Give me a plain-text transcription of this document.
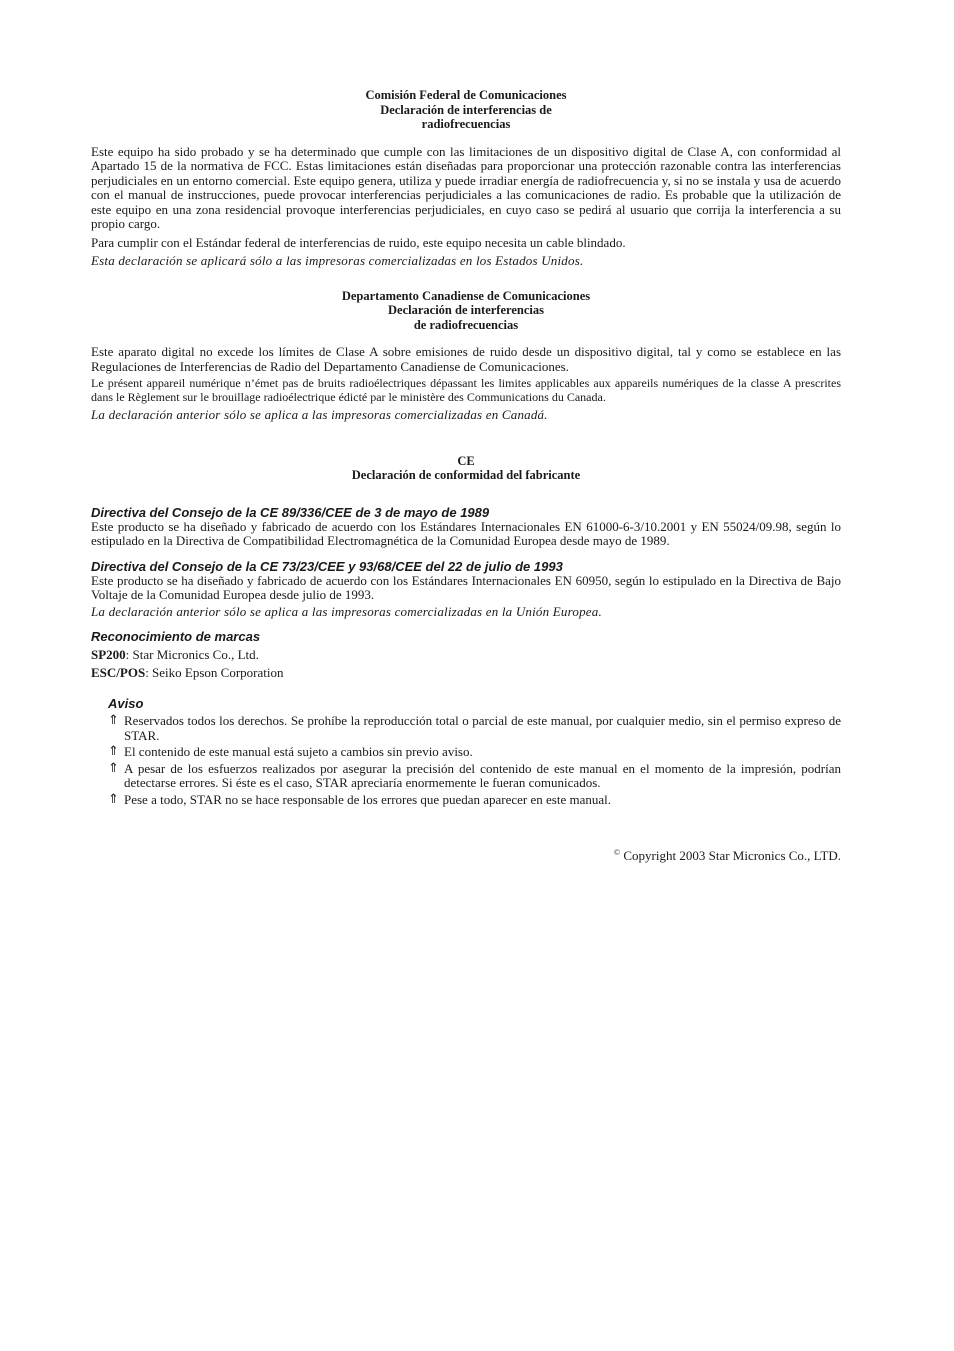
Comisión Federal de Comunicaciones
Declaración de interferencias de
radiofrecuencias

Este equipo ha sido probado y se ha determinado que cumple con las limitaciones de un dispositivo digital de Clase A, con conformidad al Apartado 15 de la normativa de FCC. Estas limitaciones están diseñadas para proporcionar una protección razonable contra las interferencias perjudiciales en un entorno comercial. Este equipo genera, utiliza y puede irradiar energía de radiofrecuencia y, si no se instala y usa de acuerdo con el manual de instrucciones, puede provocar interferencias perjudiciales a las comunicaciones de radio. Es probable que la utilización de este equipo en una zona residencial provoque interferencias perjudiciales, en cuyo caso se pedirá al usuario que corrija la interferencia a su propio cargo.

Para cumplir con el Estándar federal de interferencias de ruido, este equipo necesita un cable blindado.

Esta declaración se aplicará sólo a las impresoras comercializadas en los Estados Unidos.

Departamento Canadiense de Comunicaciones
Declaración de interferencias
de radiofrecuencias

Este aparato digital no excede los límites de Clase A sobre emisiones de ruido desde un dispositivo digital, tal y como se establece en las Regulaciones de Interferencias de Radio del Departamento Canadiense de Comunicaciones.

Le présent appareil numérique n’émet pas de bruits radioélectriques dépassant les limites applicables aux appareils numériques de la classe A prescrites dans le Règlement sur le brouillage radioélectrique édicté par le ministère des Communications du Canada.

La declaración anterior sólo se aplica a las impresoras comercializadas en Canadá.

CE
Declaración de conformidad del fabricante
Directiva del Consejo de la CE 89/336/CEE de 3 de mayo de 1989

Este producto se ha diseñado y fabricado de acuerdo con los Estándares Internacionales EN 61000-6-3/10.2001 y EN 55024/09.98, según lo estipulado en la Directiva de Compatibilidad Electromagnética de la Comunidad Europea desde mayo de 1989.

Directiva del Consejo de la CE 73/23/CEE y 93/68/CEE del 22 de julio de 1993

Este producto se ha diseñado y fabricado de acuerdo con los Estándares Internacionales EN 60950, según lo estipulado en la Directiva de Bajo Voltaje de la Comunidad Europea desde julio de 1993.

La declaración anterior sólo se aplica a las impresoras comercializadas en la Unión Europea.

Reconocimiento de marcas

SP200: Star Micronics Co., Ltd.

ESC/POS: Seiko Epson Corporation

Aviso
⇑ Reservados todos los derechos. Se prohíbe la reproducción total o parcial de este manual, por cualquier medio, sin el permiso expreso de STAR.
⇑ El contenido de este manual está sujeto a cambios sin previo aviso.
⇑ A pesar de los esfuerzos realizados por asegurar la precisión del contenido de este manual en el momento de la impresión, podrían detectarse errores. Si éste es el caso, STAR apreciaría enormemente le fueran comunicados.
⇑ Pese a todo, STAR no se hace responsable de los errores que puedan aparecer en este manual.

© Copyright 2003 Star Micronics Co., LTD.
